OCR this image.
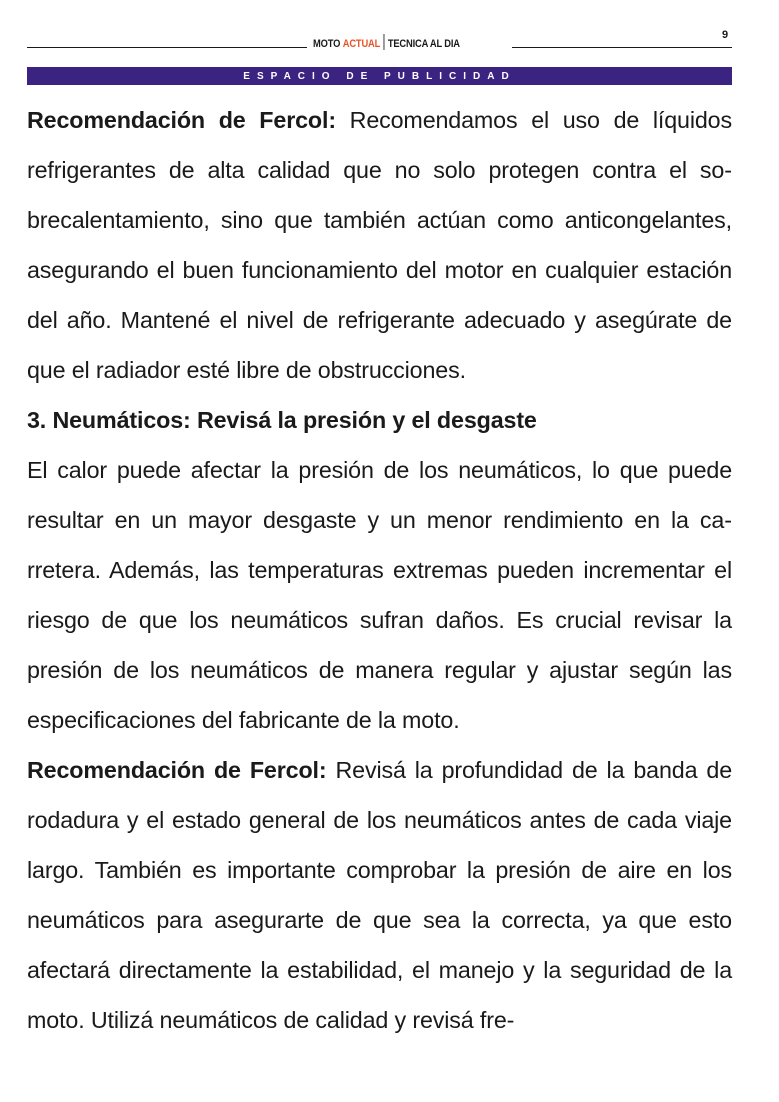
MOTO ACTUAL TECNICA AL DIA
9
ESPACIO DE PUBLICIDAD

Recomendación de Fercol: Recomendamos el uso de líquidos refrigerantes de alta calidad que no solo protegen contra el sobrecalentamiento, sino que también actúan como anticongelantes, asegurando el buen funcionamiento del motor en cualquier estación del año. Mantené el nivel de refrigerante adecuado y asegúrate de que el radiador esté libre de obstrucciones.

3. Neumáticos: Revisá la presión y el desgaste

El calor puede afectar la presión de los neumáticos, lo que puede resultar en un mayor desgaste y un menor rendimiento en la carretera. Además, las temperaturas extremas pueden incrementar el riesgo de que los neumáticos sufran daños. Es crucial revisar la presión de los neumáticos de manera regular y ajustar según las especificaciones del fabricante de la moto.

Recomendación de Fercol: Revisá la profundidad de la banda de rodadura y el estado general de los neumáticos antes de cada viaje largo. También es importante comprobar la presión de aire en los neumáticos para asegurarte de que sea la correcta, ya que esto afectará directamente la estabilidad, el manejo y la seguridad de la moto. Utilizá neumáticos de calidad y revisá fre-
